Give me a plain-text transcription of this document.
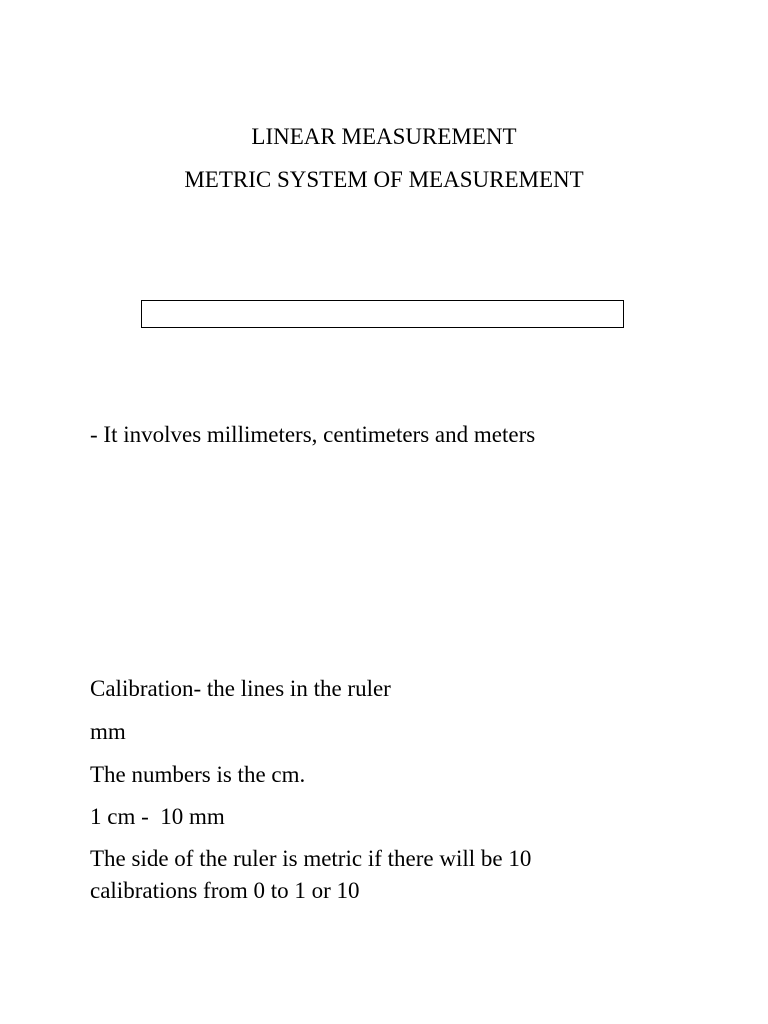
LINEAR MEASUREMENT
METRIC SYSTEM OF MEASUREMENT
- It involves millimeters, centimeters and meters
Calibration- the lines in the ruler
mm
The numbers is the cm.
1 cm -  10 mm
The side of the ruler is metric if there will be 10 calibrations from 0 to 1 or 10
